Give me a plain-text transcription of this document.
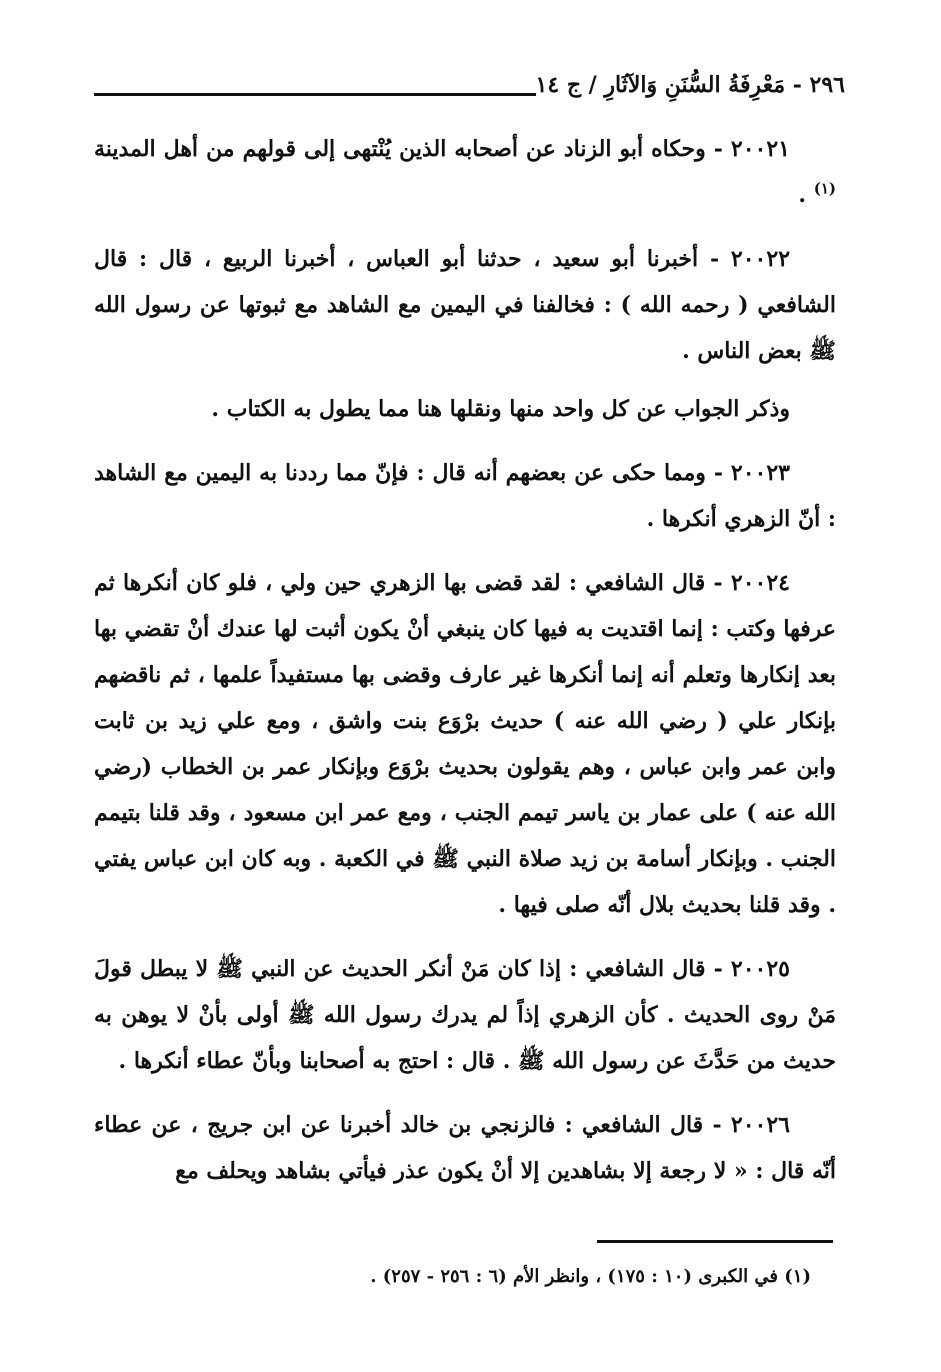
٢٩٦ - مَعْرِفَةُ السُّنَنِ وَالآثَارِ / ج ١٤

٢٠٠٢١ - وحكاه أبو الزناد عن أصحابه الذين يُنْتهى إلى قولهم من أهل المدينة $^{(١)}$ .

٢٠٠٢٢ - أخبرنا أبو سعيد ، حدثنا أبو العباس ، أخبرنا الربيع ، قال : قال الشافعي ( رحمه الله ) : فخالفنا في اليمين مع الشاهد مع ثبوتها عن رسول الله ﷺ بعض الناس .

وذكر الجواب عن كل واحد منها ونقلها هنا مما يطول به الكتاب .

٢٠٠٢٣ - ومما حكى عن بعضهم أنه قال : فإنّ مما رددنا به اليمين مع الشاهد : أنّ الزهري أنكرها .

٢٠٠٢٤ - قال الشافعي : لقد قضى بها الزهري حين ولي ، فلو كان أنكرها ثم عرفها وكتب : إنما اقتديت به فيها كان ينبغي أنْ يكون أثبت لها عندك أنْ تقضي بها بعد إنكارها وتعلم أنه إنما أنكرها غير عارف وقضى بها مستفيداً علمها ، ثم ناقضهم بإنكار علي ( رضي الله عنه ) حديث برْوَع بنت واشق ، ومع علي زيد بن ثابت وابن عمر وابن عباس ، وهم يقولون بحديث برْوَع وبإنكار عمر بن الخطاب (رضي الله عنه ) على عمار بن ياسر تيمم الجنب ، ومع عمر ابن مسعود ، وقد قلنا بتيمم الجنب . وبإنكار أسامة بن زيد صلاة النبي ﷺ في الكعبة . وبه كان ابن عباس يفتي . وقد قلنا بحديث بلال أنّه صلى فيها .

٢٠٠٢٥ - قال الشافعي : إذا كان مَنْ أنكر الحديث عن النبي ﷺ لا يبطل قولَ مَنْ روى الحديث . كأن الزهري إذاً لم يدرك رسول الله ﷺ أولى بأنْ لا يوهن به حديث من حَدَّثَ عن رسول الله ﷺ . قال : احتج به أصحابنا وبأنّ عطاء أنكرها .

٢٠٠٢٦ - قال الشافعي : فالزنجي بن خالد أخبرنا عن ابن جريج ، عن عطاء أنّه قال : « لا رجعة إلا بشاهدين إلا أنْ يكون عذر فيأتي بشاهد ويحلف مع

(١) في الكبرى (١٠ : ١٧٥) ، وانظر الأم (٦ : ٢٥٦ - ٢٥٧) .
